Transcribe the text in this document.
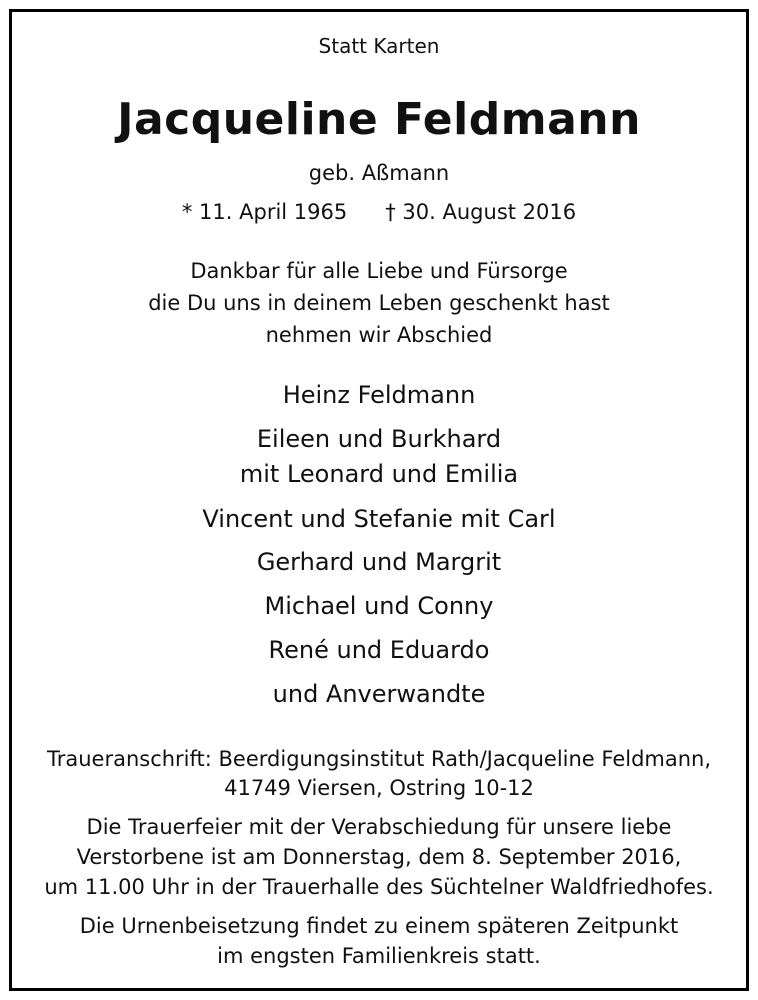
Statt Karten
Jacqueline Feldmann
geb. Aßmann
* 11. April 1965 † 30. August 2016
Dankbar für alle Liebe und Fürsorge
die Du uns in deinem Leben geschenkt hast
nehmen wir Abschied
Heinz Feldmann
Eileen und Burkhard
mit Leonard und Emilia
Vincent und Stefanie mit Carl
Gerhard und Margrit
Michael und Conny
René und Eduardo
und Anverwandte
Traueranschrift: Beerdigungsinstitut Rath/Jacqueline Feldmann,
41749 Viersen, Ostring 10-12
Die Trauerfeier mit der Verabschiedung für unsere liebe
Verstorbene ist am Donnerstag, dem 8. September 2016,
um 11.00 Uhr in der Trauerhalle des Süchtelner Waldfriedhofes.
Die Urnenbeisetzung findet zu einem späteren Zeitpunkt
im engsten Familienkreis statt.
